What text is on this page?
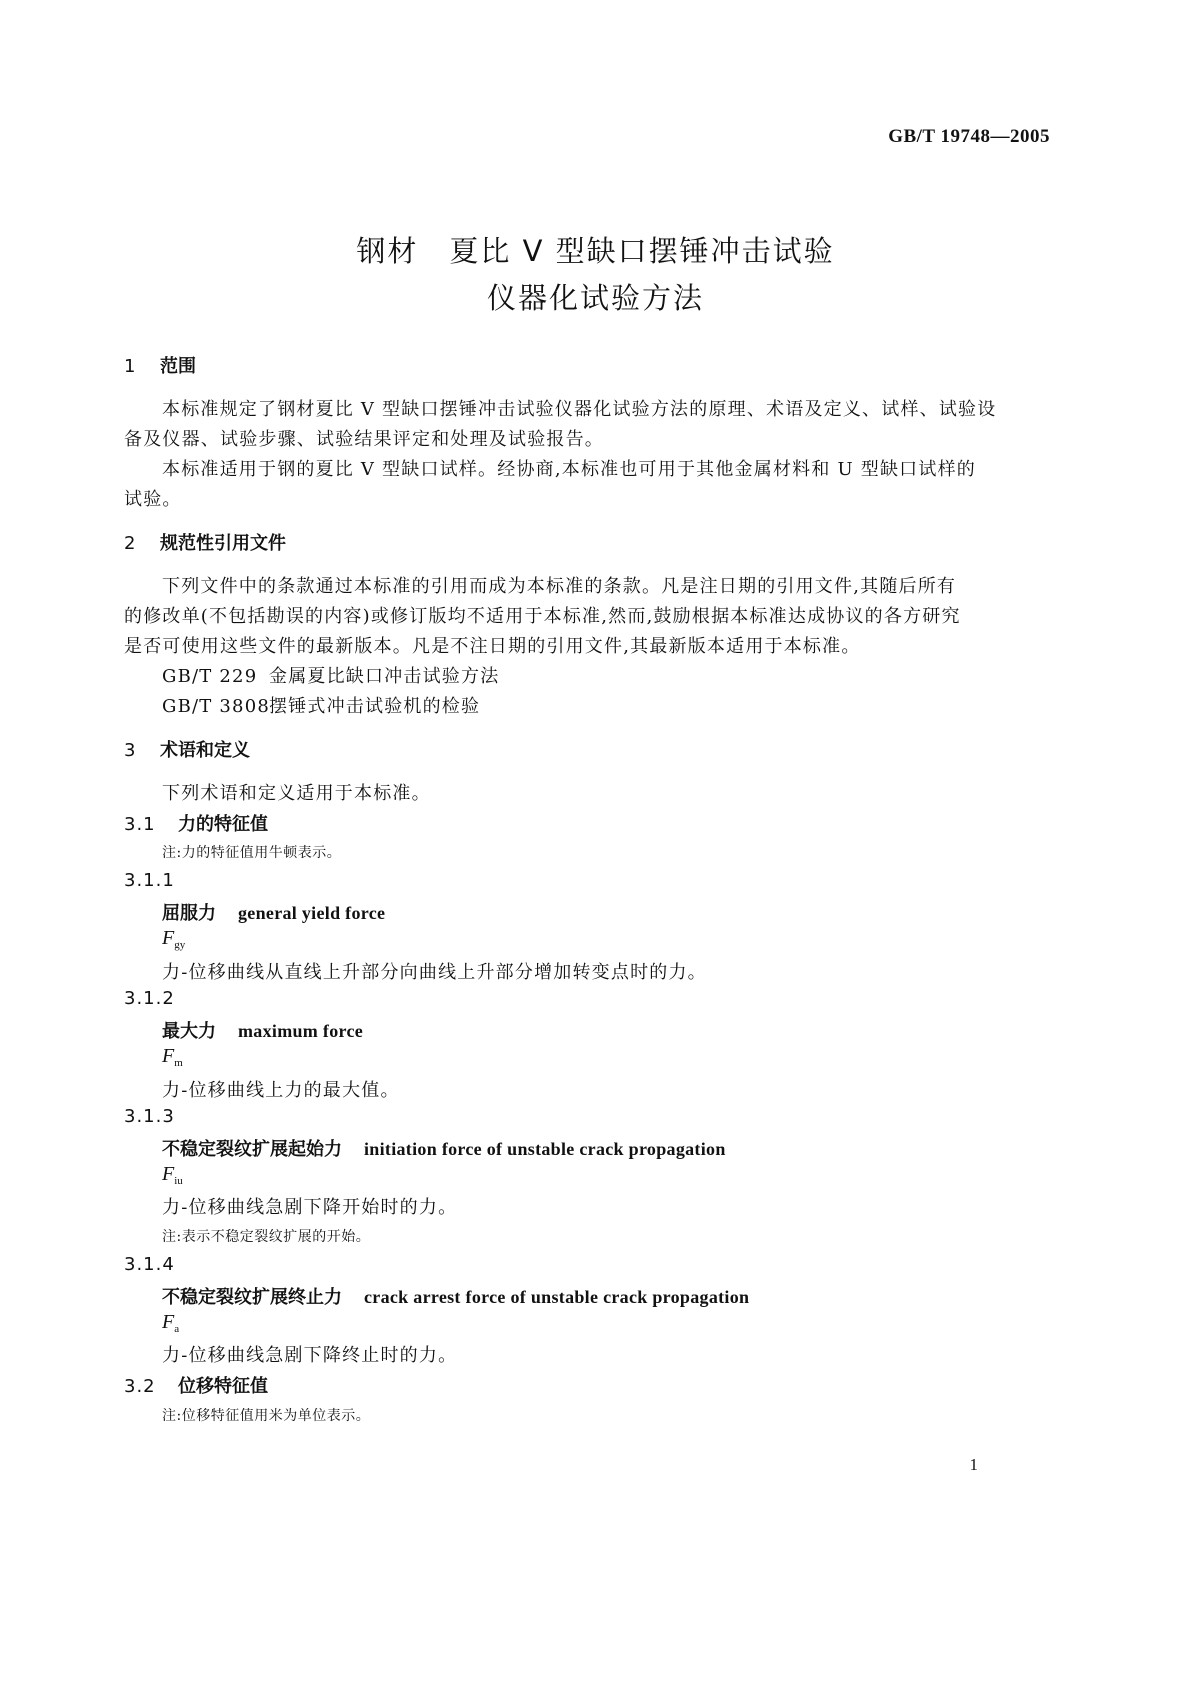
GB/T 19748—2005
钢材　夏比 V 型缺口摆锤冲击试验
仪器化试验方法
1 范围
本标准规定了钢材夏比 V 型缺口摆锤冲击试验仪器化试验方法的原理、术语及定义、试样、试验设
备及仪器、试验步骤、试验结果评定和处理及试验报告。
本标准适用于钢的夏比 V 型缺口试样。经协商,本标准也可用于其他金属材料和 U 型缺口试样的
试验。
2 规范性引用文件
下列文件中的条款通过本标准的引用而成为本标准的条款。凡是注日期的引用文件,其随后所有
的修改单(不包括勘误的内容)或修订版均不适用于本标准,然而,鼓励根据本标准达成协议的各方研究
是否可使用这些文件的最新版本。凡是不注日期的引用文件,其最新版本适用于本标准。
GB/T 229 金属夏比缺口冲击试验方法
GB/T 3808摆锤式冲击试验机的检验
3 术语和定义
下列术语和定义适用于本标准。
3.1 力的特征值
注:力的特征值用牛顿表示。
3.1.1
屈服力 general yield force
$F_{gy}$
力-位移曲线从直线上升部分向曲线上升部分增加转变点时的力。
3.1.2
最大力 maximum force
$F_m$
力-位移曲线上力的最大值。
3.1.3
不稳定裂纹扩展起始力 initiation force of unstable crack propagation
$F_{iu}$
力-位移曲线急剧下降开始时的力。
注:表示不稳定裂纹扩展的开始。
3.1.4
不稳定裂纹扩展终止力 crack arrest force of unstable crack propagation
$F_a$
力-位移曲线急剧下降终止时的力。
3.2 位移特征值
注:位移特征值用米为单位表示。
1
